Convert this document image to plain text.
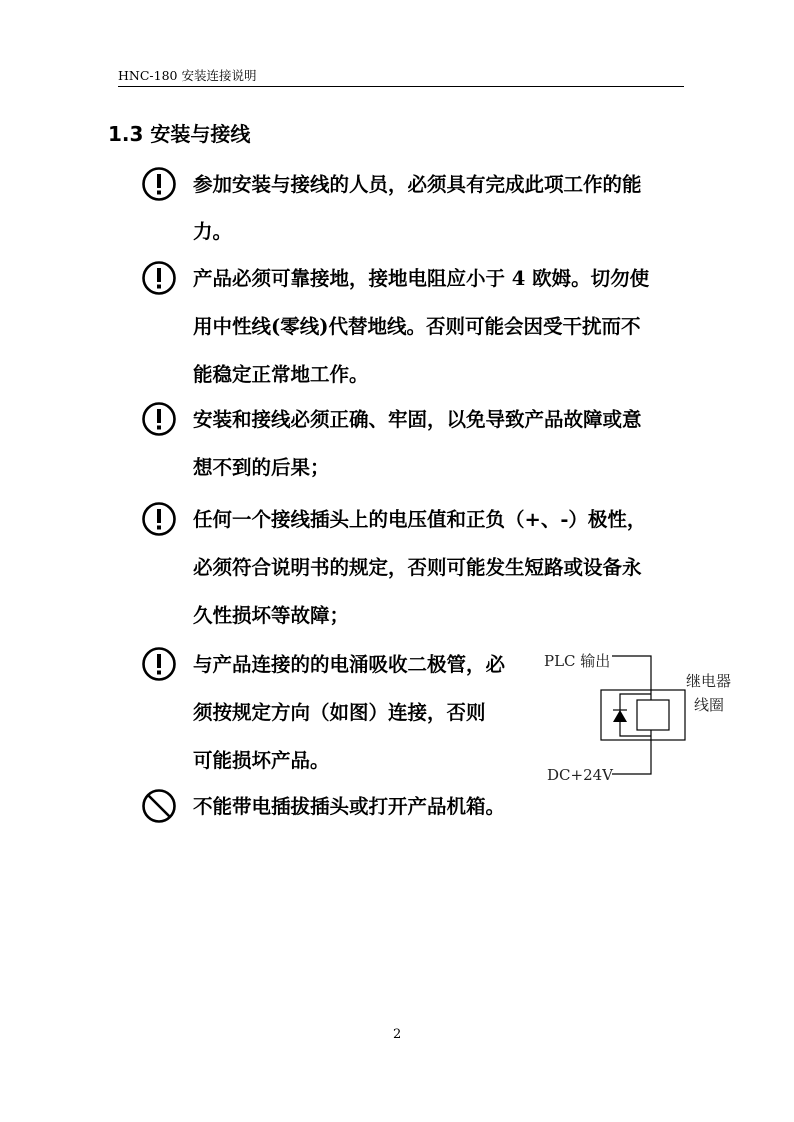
HNC-180 安装连接说明
1.3 安装与接线
参加安装与接线的人员，必须具有完成此项工作的能
力。
产品必须可靠接地，接地电阻应小于 4 欧姆。切勿使
用中性线(零线)代替地线。否则可能会因受干扰而不
能稳定正常地工作。
安装和接线必须正确、牢固，以免导致产品故障或意
想不到的后果；
任何一个接线插头上的电压值和正负（+、-）极性，
必须符合说明书的规定，否则可能发生短路或设备永
久性损坏等故障；
与产品连接的的电涌吸收二极管，必
须按规定方向（如图）连接，否则
可能损坏产品。
不能带电插拔插头或打开产品机箱。
PLC 输出
继电器
线圈
DC+24V
2
